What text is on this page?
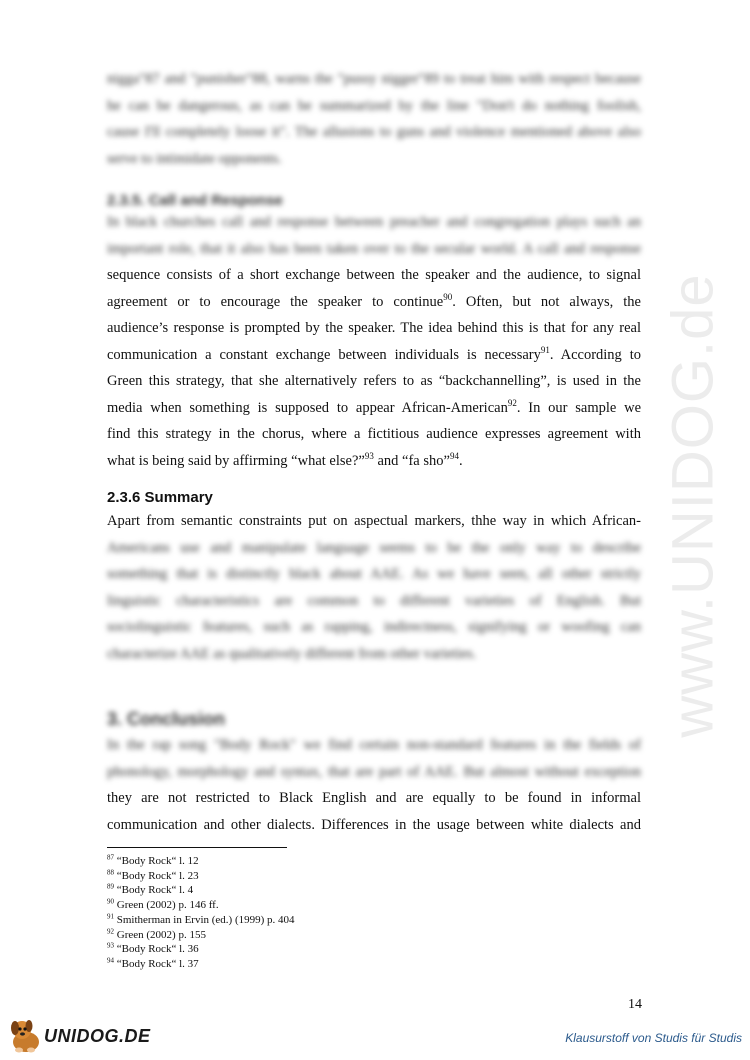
www.UNIDOG.de
nigga"87 and "punisher"88, warns the "pussy nigger"89 to treat him with respect because
he can be dangerous, as can be summarized by the line "Don't do nothing foolish,
cause I'll completely loose it". The allusions to guns and violence mentioned above also
serve to intimidate opponents.
2.3.5. Call and Response
In black churches call and response between preacher and congregation plays such an
important role, that it also has been taken over to the secular world. A call and response
sequence consists of a short exchange between the speaker and the audience, to signal
agreement or to encourage the speaker to continue$^{90}$. Often, but not always, the
audience’s response is prompted by the speaker. The idea behind this is that for any real
communication a constant exchange between individuals is necessary$^{91}$. According to
Green this strategy, that she alternatively refers to as “backchannelling”, is used in the
media when something is supposed to appear African-American$^{92}$. In our sample we
find this strategy in the chorus, where a fictitious audience expresses agreement with
what is being said by affirming “what else?”$^{93}$ and “fa sho”$^{94}$.
2.3.6 Summary
Apart from semantic constraints put on aspectual markers, thhe way in which African-
Americans use and manipulate language seems to be the only way to describe
something that is distinctly black about AAE. As we have seen, all other strictly
linguistic characteristics are common to different varieties of English. But
sociolinguistic features, such as rapping, indirectness, signifying or woofing can
characterize AAE as qualitatively different from other varieties.
3. Conclusion
In the rap song "Body Rock" we find certain non-standard features in the fields of
phonology, morphology and syntax, that are part of AAE. But almost without exception
they are not restricted to Black English and are equally to be found in informal
communication and other dialects. Differences in the usage between white dialects and
$^{87}$ “Body Rock“ l. 12
$^{88}$ “Body Rock“ l. 23
$^{89}$ “Body Rock“ l. 4
$^{90}$ Green (2002) p. 146 ff.
$^{91}$ Smitherman in Ervin (ed.) (1999) p. 404
$^{92}$ Green (2002) p. 155
$^{93}$ “Body Rock“ l. 36
$^{94}$ “Body Rock“ l. 37
14
UNIDOG.DE	Klausurstoff von Studis für Studis
